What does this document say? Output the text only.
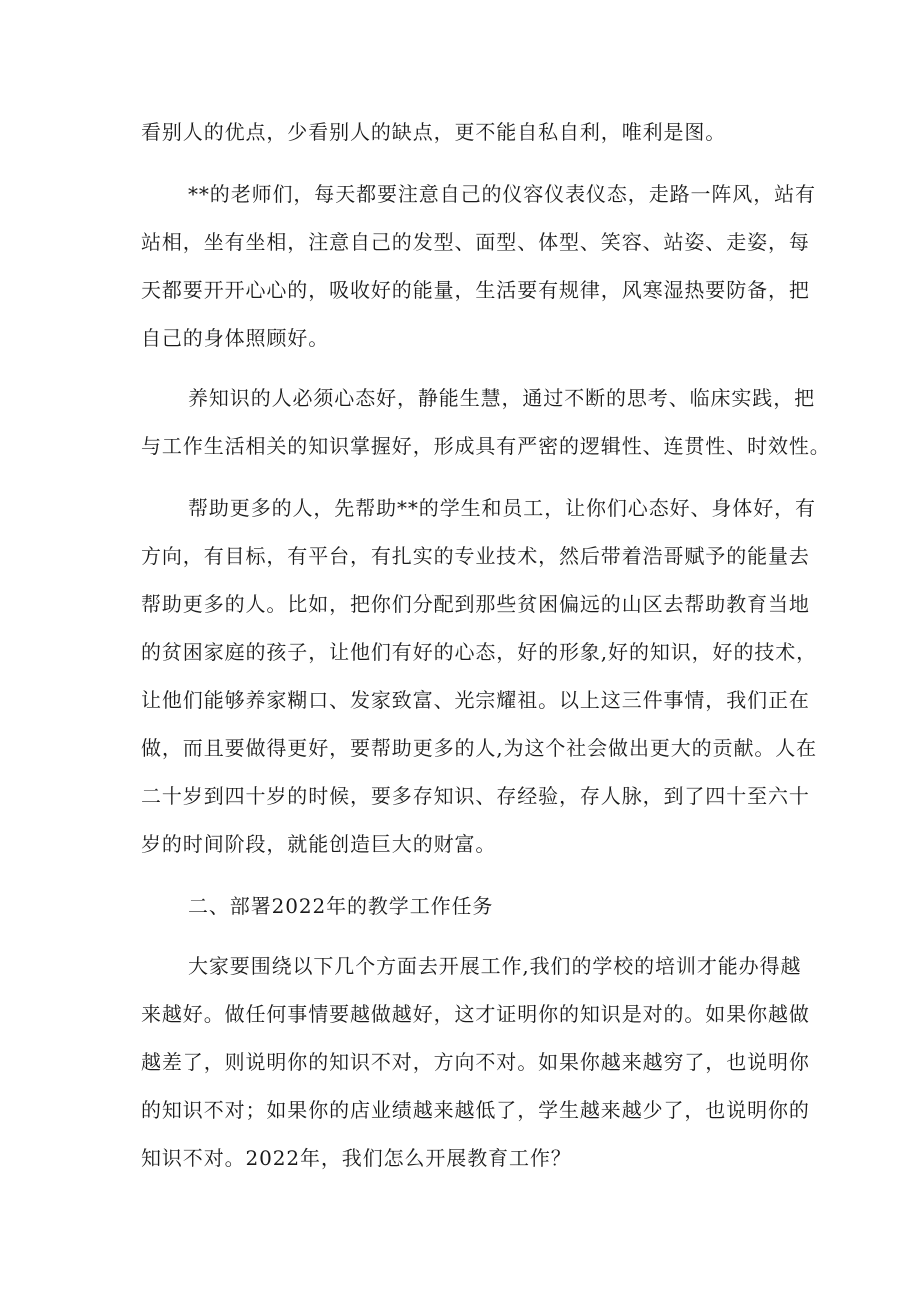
看别人的优点，少看别人的缺点，更不能自私自利，唯利是图。
**的老师们，每天都要注意自己的仪容仪表仪态，走路一阵风，站有
站相，坐有坐相，注意自己的发型、面型、体型、笑容、站姿、走姿，每
天都要开开心心的，吸收好的能量，生活要有规律，风寒湿热要防备，把
自己的身体照顾好。
养知识的人必须心态好，静能生慧，通过不断的思考、临床实践，把
与工作生活相关的知识掌握好，形成具有严密的逻辑性、连贯性、时效性。
帮助更多的人，先帮助**的学生和员工，让你们心态好、身体好，有
方向，有目标，有平台，有扎实的专业技术，然后带着浩哥赋予的能量去
帮助更多的人。比如，把你们分配到那些贫困偏远的山区去帮助教育当地
的贫困家庭的孩子，让他们有好的心态，好的形象,好的知识，好的技术，
让他们能够养家糊口、发家致富、光宗耀祖。以上这三件事情，我们正在
做，而且要做得更好，要帮助更多的人,为这个社会做出更大的贡献。人在
二十岁到四十岁的时候，要多存知识、存经验，存人脉，到了四十至六十
岁的时间阶段，就能创造巨大的财富。
二、部署2022年的教学工作任务
大家要围绕以下几个方面去开展工作,我们的学校的培训才能办得越
来越好。做任何事情要越做越好，这才证明你的知识是对的。如果你越做
越差了，则说明你的知识不对，方向不对。如果你越来越穷了，也说明你
的知识不对；如果你的店业绩越来越低了，学生越来越少了，也说明你的
知识不对。2022年，我们怎么开展教育工作？
